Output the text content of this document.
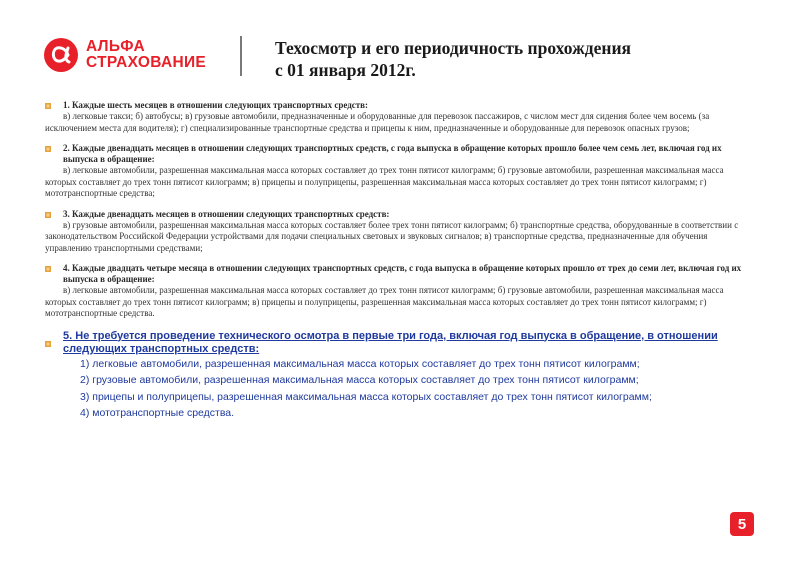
АЛЬФА
СТРАХОВАНИЕ
Техосмотр и его периодичность прохождения
с 01 января 2012г.
1. Каждые шесть месяцев в отношении следующих транспортных средств:
в) легковые такси; б) автобусы; в) грузовые автомобили, предназначенные и оборудованные для перевозок пассажиров, с числом мест для сидения более чем восемь (за исключением места для водителя); г) специализированные транспортные средства и прицепы к ним, предназначенные и оборудованные для перевозок опасных грузов;
2. Каждые двенадцать месяцев в отношении следующих транспортных средств, с года выпуска в обращение которых прошло более чем семь лет, включая год их выпуска в обращение:
в) легковые автомобили, разрешенная максимальная масса которых составляет до трех тонн пятисот килограмм; б) грузовые автомобили, разрешенная максимальная масса которых составляет до трех тонн пятисот килограмм; в) прицепы и полуприцепы, разрешенная максимальная масса которых составляет до трех тонн пятисот килограмм; г) мототранспортные средства;
3. Каждые двенадцать месяцев в отношении следующих транспортных средств:
в) грузовые автомобили, разрешенная максимальная масса которых составляет более трех тонн пятисот килограмм; б) транспортные средства, оборудованные в соответствии с законодательством Российской Федерации устройствами для подачи специальных световых и звуковых сигналов; в) транспортные средства, предназначенные для обучения управлению транспортными средствами;
4. Каждые двадцать четыре месяца в отношении следующих транспортных средств, с года выпуска в обращение которых прошло от трех до семи лет, включая год их выпуска в обращение:
в) легковые автомобили, разрешенная максимальная масса которых составляет до трех тонн пятисот килограмм; б) грузовые автомобили, разрешенная максимальная масса которых составляет до трех тонн пятисот килограмм; в) прицепы и полуприцепы, разрешенная максимальная масса которых составляет до трех тонн пятисот килограмм; г) мототранспортные средства.
5. Не требуется проведение технического осмотра в первые три года, включая год выпуска в обращение, в отношении следующих транспортных средств:
1) легковые автомобили, разрешенная максимальная масса которых составляет до трех тонн пятисот килограмм;
2) грузовые автомобили, разрешенная максимальная масса которых составляет до трех тонн пятисот килограмм;
3) прицепы и полуприцепы, разрешенная максимальная масса которых составляет до трех тонн пятисот килограмм;
4) мототранспортные средства.
5
